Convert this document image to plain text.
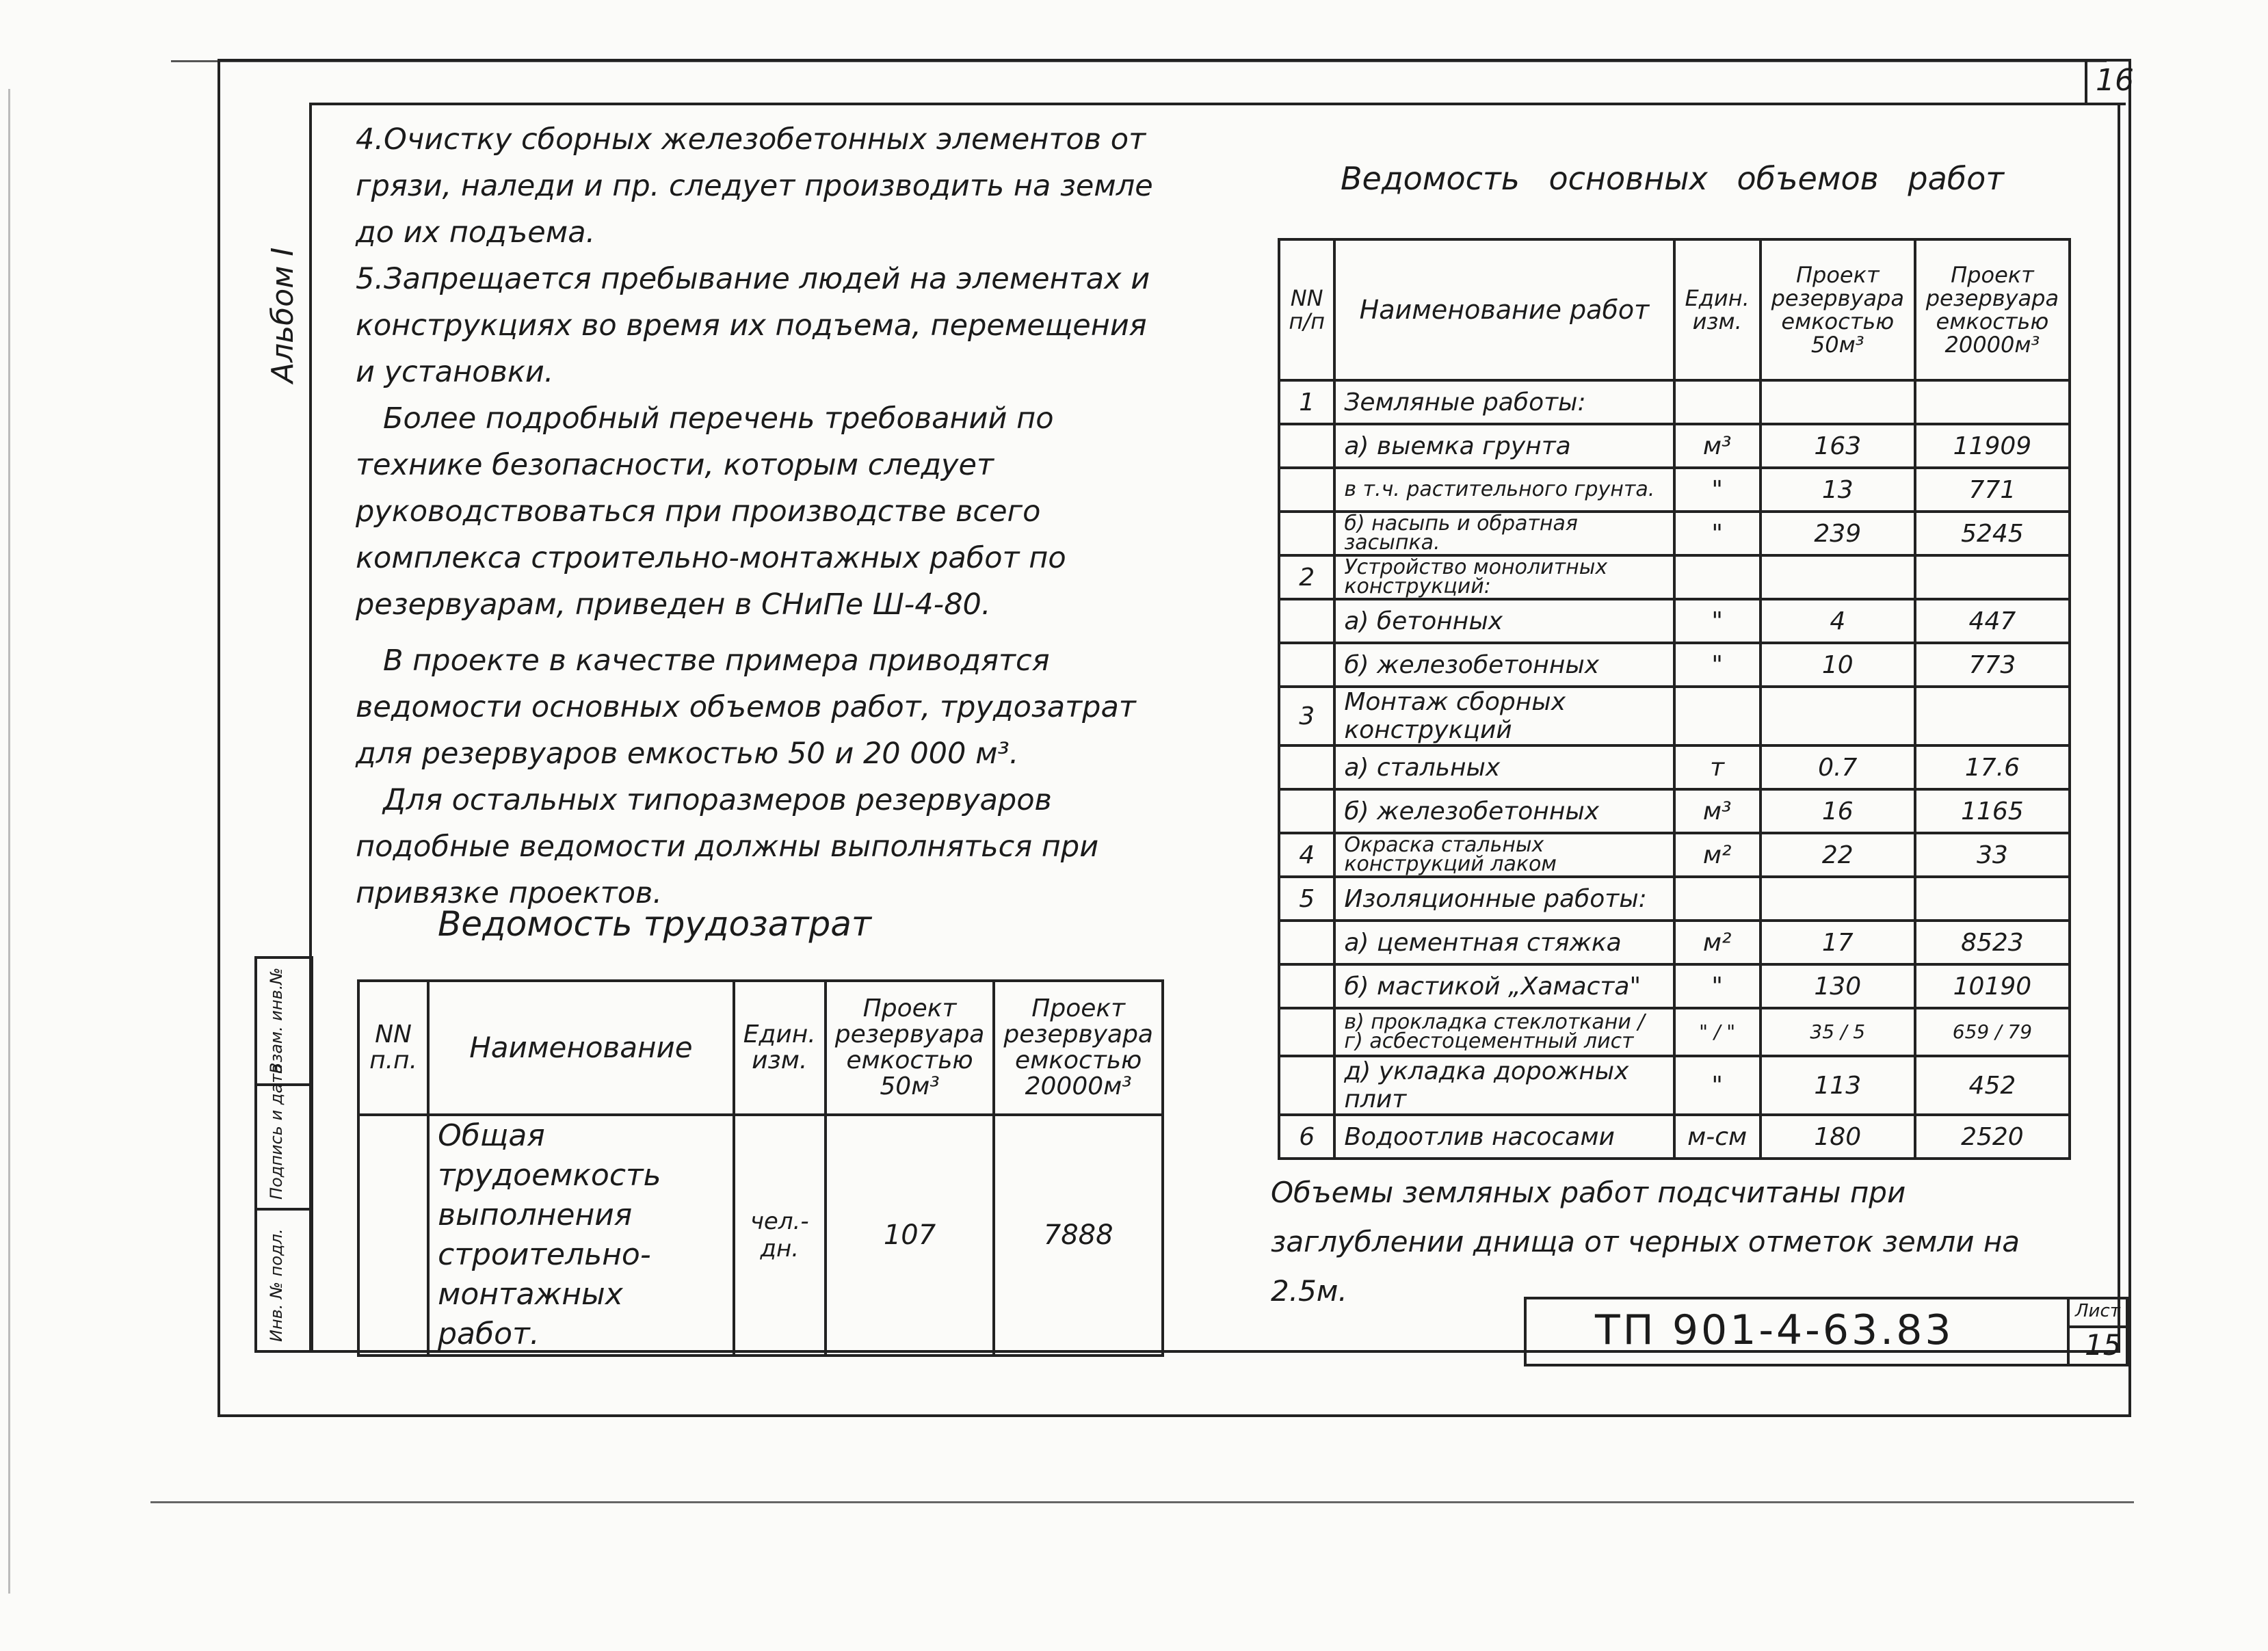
16
Альбом I
Инв. № подл.
Подпись и дата
Взам. инв.№

4.Очистку сборных железобетонных элементов от грязи, наледи и пр. следует производить на земле до их подъема.

5.Запрещается пребывание людей на элементах и конструкциях во время их подъема, перемещения и установки.

Более подробный перечень требований по технике безопасности, которым следует руководствоваться при производстве всего комплекса строительно-монтажных работ по резервуарам, приведен в СНиПе Ш-4-80.

В проекте в качестве примера приводятся ведомости основных объемов работ, трудозатрат для резервуаров емкостью 50 и 20 000 м³.

Для остальных типоразмеров резервуаров подобные ведомости должны выполняться при привязке проектов.

Ведомость трудозатрат
NN п.п.	Наименование	Един. изм.	Проект резервуара емкостью 50м³	Проект резервуара емкостью 20000м³
	Общая трудоемкость выполнения строительно-монтажных работ.	чел.-дн.	107	7888
Ведомость основных объемов работ
NN п/п	Наименование работ	Един. изм.	Проект резервуара емкостью 50м³	Проект резервуара емкостью 20000м³
1	Земляные работы:			
	а) выемка грунта	м³	163	11909
	в т.ч. растительного грунта.	"	13	771
	б) насыпь и обратная засыпка.	"	239	5245
2	Устройство монолитных конструкций:			
	а) бетонных	"	4	447
	б) железобетонных	"	10	773
3	Монтаж сборных конструкций			
	а) стальных	т	0.7	17.6
	б) железобетонных	м³	16	1165
4	Окраска стальных конструкций лаком	м²	22	33
5	Изоляционные работы:			
	а) цементная стяжка	м²	17	8523
	б) мастикой „Хамаста"	"	130	10190
	в) прокладка стеклоткани / г) асбестоцементный лист	" / "	35 / 5	659 / 79
	д) укладка дорожных плит	"	113	452
6	Водоотлив насосами	м-см	180	2520
Объемы земляных работ подсчитаны при заглублении днища от черных отметок земли на 2.5м.
ТП 901-4-63.83	Лист
15
